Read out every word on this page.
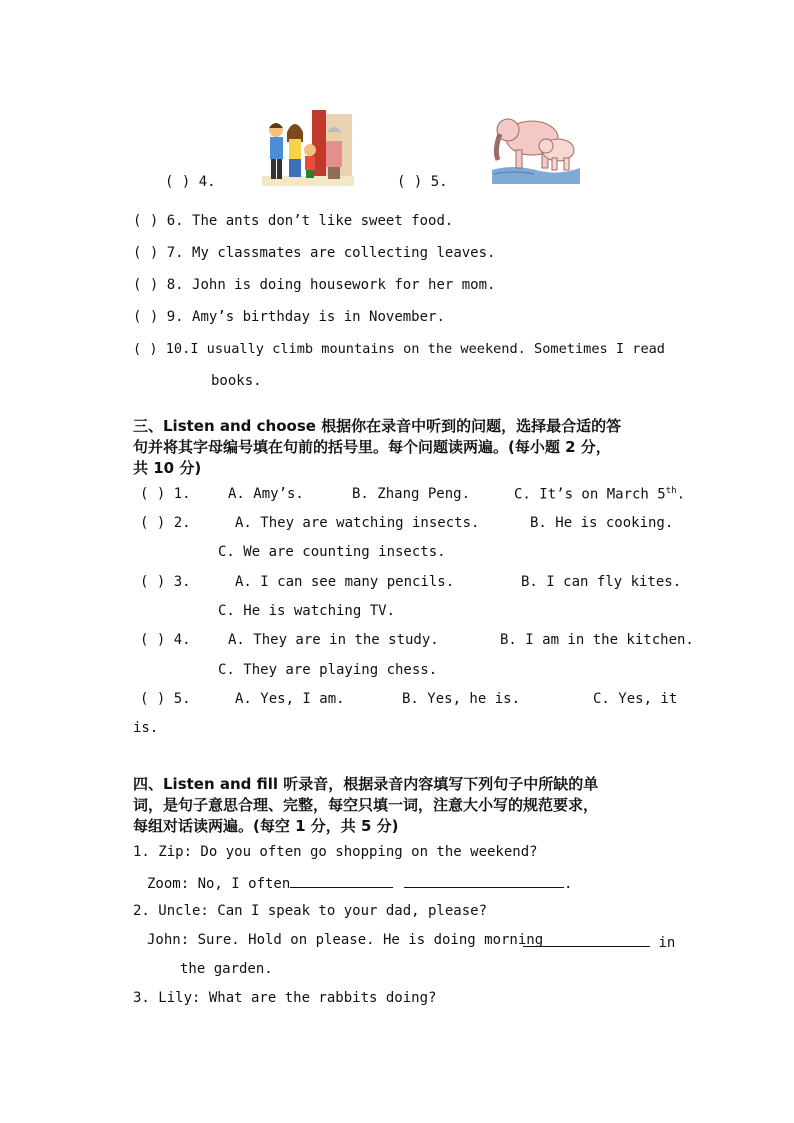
( ) 4.	( ) 5.
( ) 6. The ants don’t like sweet food.
( ) 7. My classmates are collecting leaves.
( ) 8. John is doing housework for her mom.
( ) 9. Amy’s birthday is in November.
( ) 10.I usually climb mountains on the weekend. Sometimes I read
books.
三、Listen and choose 根据你在录音中听到的问题，选择最合适的答
句并将其字母编号填在句前的括号里。每个问题读两遍。(每小题 2 分，
共 10 分)
( ) 1.	A. Amy’s.	B. Zhang Peng.	C. It’s on March 5th.
( ) 2.	A. They are watching insects.	B. He is cooking.
C. We are counting insects.
( ) 3.	A. I can see many pencils.	B. I can fly kites.
C. He is watching TV.
( ) 4.	A. They are in the study.	B. I am in the kitchen.
C. They are playing chess.
( ) 5.	A. Yes, I am.	B. Yes, he is.	C. Yes, it
is.
四、Listen and fill 听录音，根据录音内容填写下列句子中所缺的单
词，是句子意思合理、完整，每空只填一词，注意大小写的规范要求，
每组对话读两遍。(每空 1 分，共 5 分)
1. Zip: Do you often go shopping on the weekend?
Zoom: No, I often	.
2. Uncle: Can I speak to your dad, please?
John: Sure. Hold on please. He is doing morning	in
the garden.
3. Lily: What are the rabbits doing?
